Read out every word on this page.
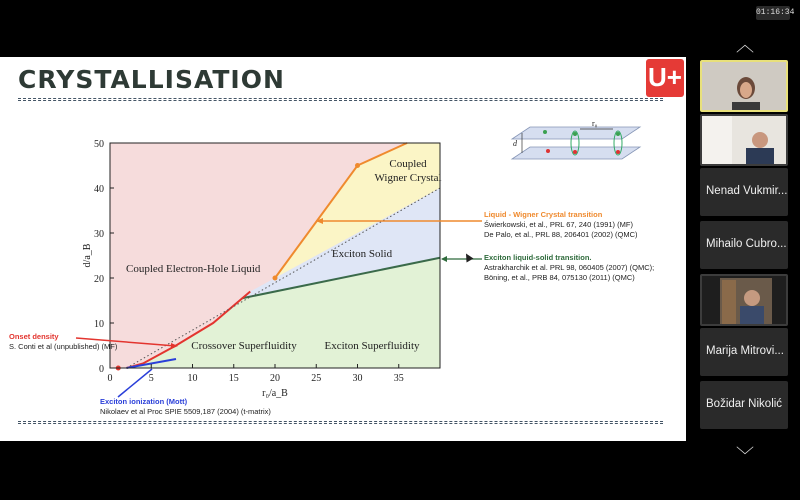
01:16:34
CRYSTALLISATION	U+
0	5	10	15	20	25	30	35
0
10
20
30
40
50
r₀/a_B
d/a_B
Coupled Electron-Hole Liquid
Coupled
Wigner Crystal
Exciton Solid
Crossover Superfluidity	Exciton Superfluidity
r₀
d
Liquid - Wigner Crystal transition
Świerkowski, et al., PRL 67, 240 (1991) (MF)
De Palo, et al., PRL 88, 206401 (2002) (QMC)
Exciton liquid-solid transition.
Astrakharchik et al. PRL 98, 060405 (2007) (QMC);
Böning, et al., PRB 84, 075130 (2011) (QMC)
Onset density
S. Conti et al (unpublished) (MF)
Exciton ionization (Mott)
Nikolaev et al Proc SPIE 5509,187 (2004) (t-matrix)
︿
Nenad Vukmir...
Mihailo Cubro...
Marija Mitrovi...
Božidar Nikolić
﹀
